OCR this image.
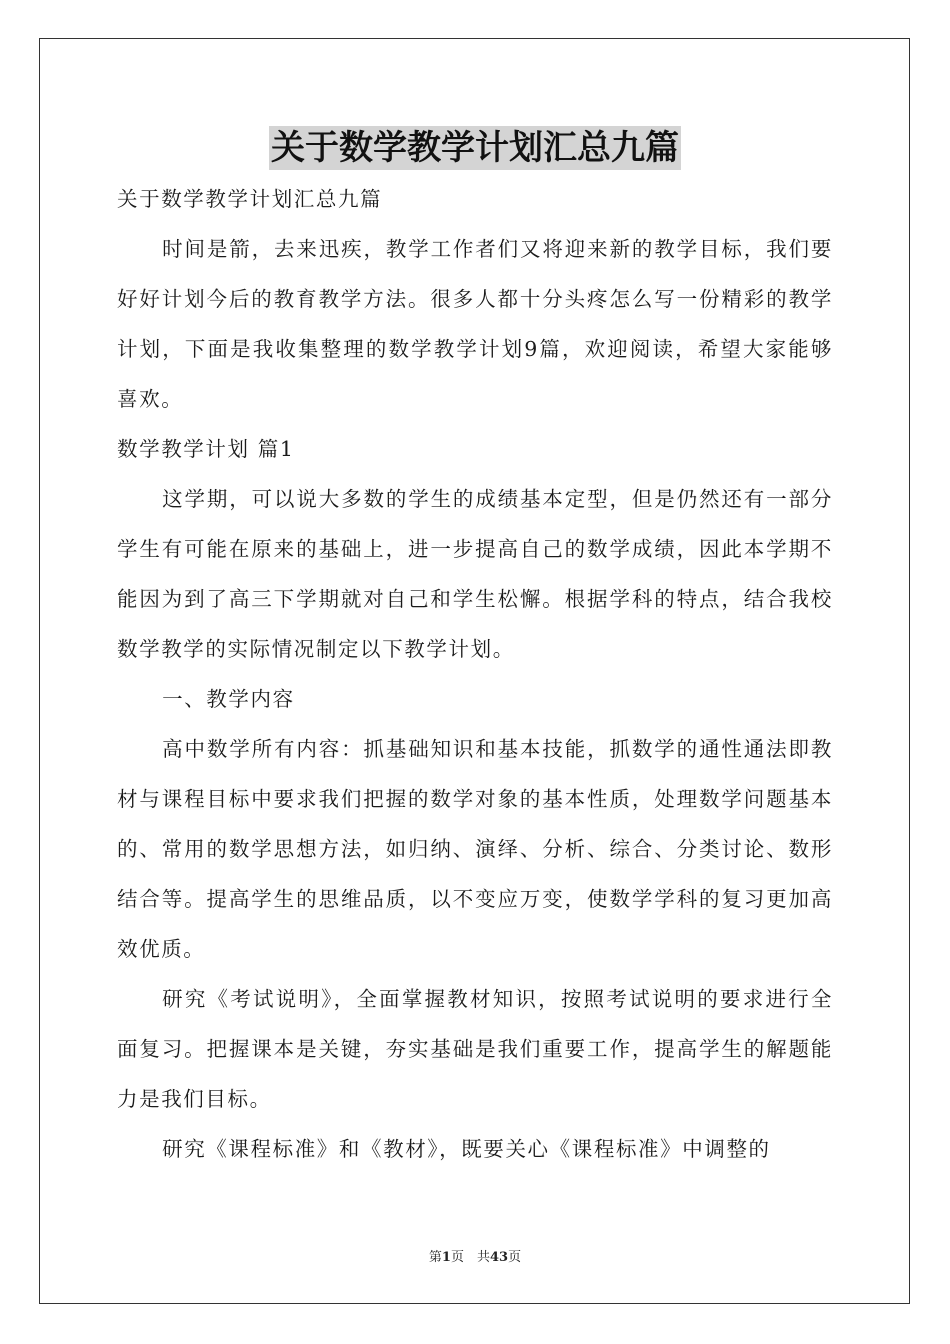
关于数学教学计划汇总九篇

关于数学教学计划汇总九篇

时间是箭，去来迅疾，教学工作者们又将迎来新的教学目标，我们要好好计划今后的教育教学方法。很多人都十分头疼怎么写一份精彩的教学计划，下面是我收集整理的数学教学计划9篇，欢迎阅读，希望大家能够喜欢。

数学教学计划 篇1

这学期，可以说大多数的学生的成绩基本定型，但是仍然还有一部分学生有可能在原来的基础上，进一步提高自己的数学成绩，因此本学期不能因为到了高三下学期就对自己和学生松懈。根据学科的特点，结合我校数学教学的实际情况制定以下教学计划。

一、教学内容

高中数学所有内容：抓基础知识和基本技能，抓数学的通性通法即教材与课程目标中要求我们把握的数学对象的基本性质，处理数学问题基本的、常用的数学思想方法，如归纳、演绎、分析、综合、分类讨论、数形结合等。提高学生的思维品质，以不变应万变，使数学学科的复习更加高效优质。

研究《考试说明》，全面掌握教材知识，按照考试说明的要求进行全面复习。把握课本是关键，夯实基础是我们重要工作，提高学生的解题能力是我们目标。

研究《课程标准》和《教材》，既要关心《课程标准》中调整的

第1页　共43页
